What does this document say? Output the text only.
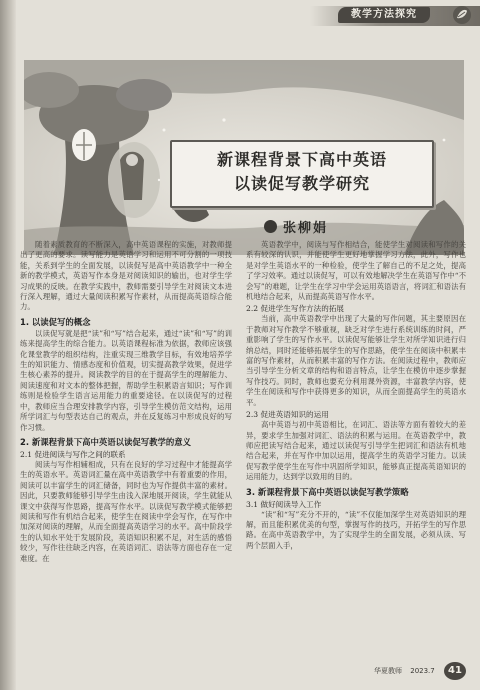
教学方法探究
新课程背景下高中英语
以读促写教学研究
张柳娟

随着素质教育的不断深入，高中英语课程的实施，对教师提出了更高的要求。读写能力是英语学习和运用不可分割的一项技能，关系到学生的全面发展，以读促写是高中英语教学中一种全新的教学模式，英语写作本身是对阅读知识的输出，也对学生学习成果的反映。在教学实践中，教师需要引导学生对阅读文本进行深入理解，通过大量阅读积累写作素材，从而提高英语综合能力。

1. 以读促写的概念

以读促写就是把“读”和“写”结合起来，通过“读”和“写”的训练来提高学生的综合能力。以英语课程标准为依据，教师应该强化课堂教学的组织结构，注重实现三维教学目标，有效地培养学生的知识能力、情感态度和价值观，切实提高教学效果，促进学生核心素养的提升。阅读教学的目的在于提高学生的理解能力、阅读速度和对文本的整体把握，帮助学生积累语言知识；写作训练则是检验学生语言运用能力的重要途径。在以读促写的过程中，教师应当合理安排教学内容，引导学生模仿范文结构，运用所学词汇与句型表达自己的观点，并在反复练习中形成良好的写作习惯。

2. 新课程背景下高中英语以读促写教学的意义
2.1 促进阅读与写作之间的联系

阅读与写作相辅相成，只有在良好的学习过程中才能提高学生的英语水平。英语词汇量在高中英语教学中有着重要的作用，阅读可以丰富学生的词汇储备，同时也为写作提供丰富的素材。因此，只要教师能够引导学生由浅入深地展开阅读，学生就能从课文中获得写作思路，提高写作水平。以读促写教学模式能够把阅读和写作有机结合起来，使学生在阅读中学会写作，在写作中加深对阅读的理解，从而全面提高英语学习的水平。高中阶段学生的认知水平处于发展阶段，英语知识积累不足，对生活的感悟较少，写作往往缺乏内容，在英语词汇、语法等方面也存在一定难度。在

英语教学中，阅读与写作相结合，能使学生对阅读和写作的关系有较深的认识，并能使学生更好地掌握学习方法，此外，写作也是对学生英语水平的一种检验，使学生了解自己的不足之处，提高了学习效率。通过以读促写，可以有效地解决学生在英语写作中“不会写”的难题，让学生在学习中学会运用英语语言，将词汇和语法有机地结合起来，从而提高英语写作水平。

2.2 促进学生写作方法的拓展

当前，高中英语教学中出现了大量的写作问题，其主要原因在于教师对写作教学不够重视，缺乏对学生进行系统训练的时间，严重影响了学生的写作水平。以读促写能够让学生对所学知识进行归纳总结，同时还能够拓展学生的写作思路，使学生在阅读中积累丰富的写作素材，从而积累丰富的写作方法。在阅读过程中，教师应当引导学生分析文章的结构和语言特点，让学生在模仿中逐步掌握写作技巧。同时，教师也要充分利用课外资源，丰富教学内容，使学生在阅读和写作中获得更多的知识，从而全面提高学生的英语水平。

2.3 促进英语知识的运用

高中英语与初中英语相比，在词汇、语法等方面有着较大的差异，要求学生加强对词汇、语法的积累与运用。在英语教学中，教师应把读写结合起来，通过以读促写引导学生把词汇和语法有机地结合起来，并在写作中加以运用，提高学生的英语学习能力。以读促写教学使学生在写作中巩固所学知识，能够真正提高英语知识的运用能力，达到学以致用的目的。

3. 新课程背景下高中英语以读促写教学策略
3.1 做好阅读导入工作

“读”和“写”充分不开的，“读”不仅能加深学生对英语知识的理解，而且能积累优美的句型，掌握写作的技巧，开拓学生的写作思路。在高中英语教学中，为了实现学生的全面发展，必须从读、写两个层面入手，

华夏教师 2023.7	41
